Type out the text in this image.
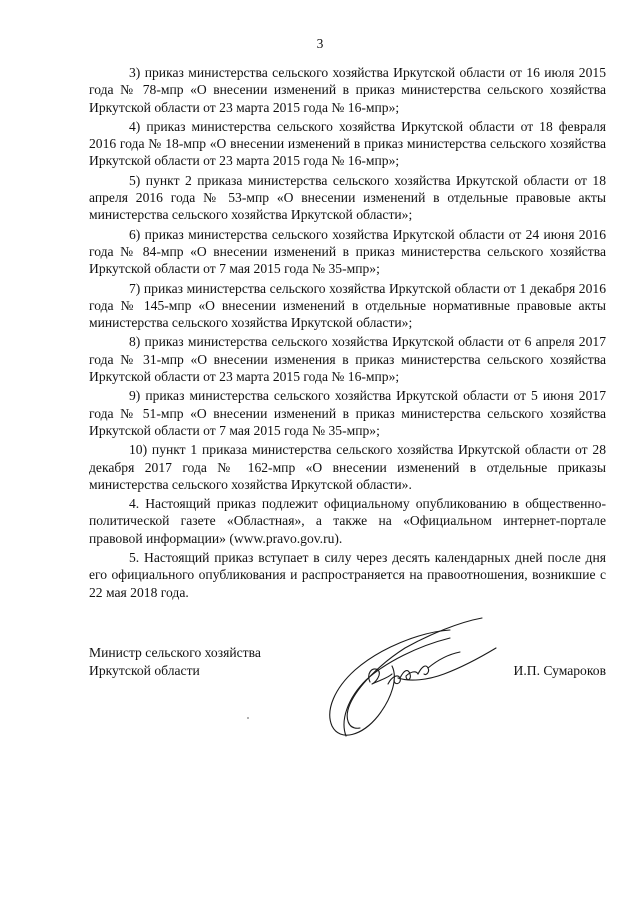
3

3) приказ министерства сельского хозяйства Иркутской области от 16 июля 2015 года № 78-мпр «О внесении изменений в приказ министерства сельского хозяйства Иркутской области от 23 марта 2015 года № 16-мпр»;

4) приказ министерства сельского хозяйства Иркутской области от 18 февраля 2016 года № 18-мпр «О внесении изменений в приказ министерства сельского хозяйства Иркутской области от 23 марта 2015 года № 16-мпр»;

5) пункт 2 приказа министерства сельского хозяйства Иркутской области от 18 апреля 2016 года № 53-мпр «О внесении изменений в отдельные правовые акты министерства сельского хозяйства Иркутской области»;

6) приказ министерства сельского хозяйства Иркутской области от 24 июня 2016 года № 84-мпр «О внесении изменений в приказ министерства сельского хозяйства Иркутской области от 7 мая 2015 года № 35-мпр»;

7) приказ министерства сельского хозяйства Иркутской области от 1 декабря 2016 года № 145-мпр «О внесении изменений в отдельные нормативные правовые акты министерства сельского хозяйства Иркутской области»;

8) приказ министерства сельского хозяйства Иркутской области от 6 апреля 2017 года № 31-мпр «О внесении изменения в приказ министерства сельского хозяйства Иркутской области от 23 марта 2015 года № 16-мпр»;

9) приказ министерства сельского хозяйства Иркутской области от 5 июня 2017 года № 51-мпр «О внесении изменений в приказ министерства сельского хозяйства Иркутской области от 7 мая 2015 года № 35-мпр»;

10) пункт 1 приказа министерства сельского хозяйства Иркутской области от 28 декабря 2017 года № 162-мпр «О внесении изменений в отдельные приказы министерства сельского хозяйства Иркутской области».

4. Настоящий приказ подлежит официальному опубликованию в общественно-политической газете «Областная», а также на «Официальном интернет-портале правовой информации» (www.pravo.gov.ru).

5. Настоящий приказ вступает в силу через десять календарных дней после дня его официального опубликования и распространяется на правоотношения, возникшие с 22 мая 2018 года.

Министр сельского хозяйства
Иркутской области	И.П. Сумароков
